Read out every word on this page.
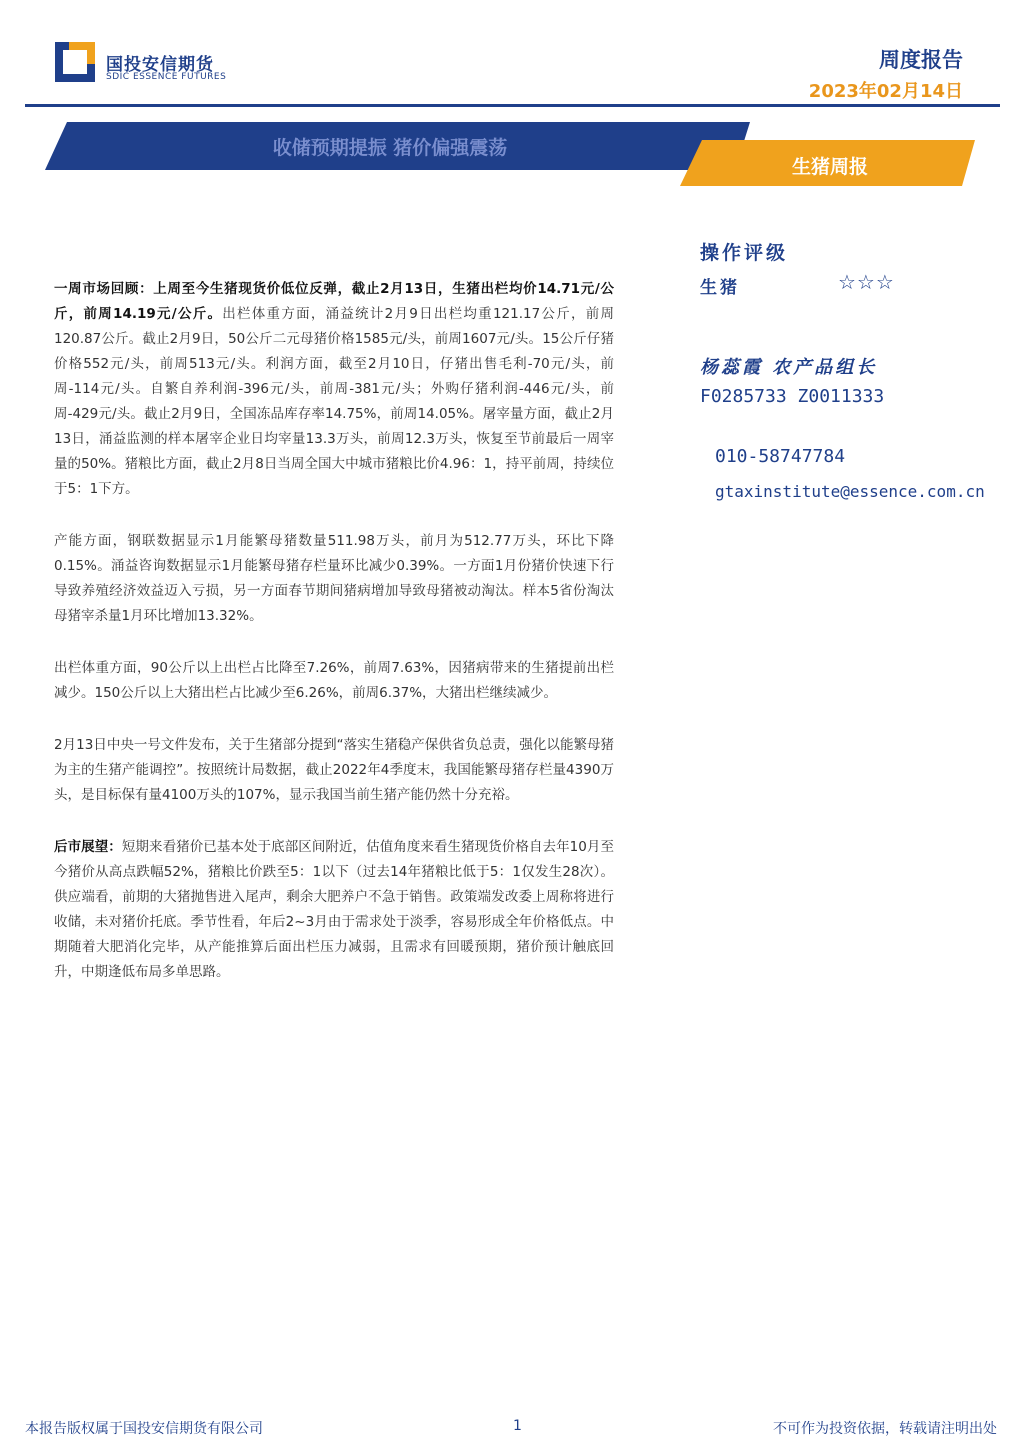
国投安信期货
SDIC ESSENCE FUTURES
周度报告
2023年02月14日
收储预期提振 猪价偏强震荡
生猪周报

一周市场回顾：上周至今生猪现货价低位反弹，截止2月13日，生猪出栏均价14.71元/公斤，前周14.19元/公斤。出栏体重方面，涌益统计2月9日出栏均重121.17公斤，前周120.87公斤。截止2月9日，50公斤二元母猪价格1585元/头，前周1607元/头。15公斤仔猪价格552元/头，前周513元/头。利润方面，截至2月10日，仔猪出售毛利-70元/头，前周-114元/头。自繁自养利润-396元/头，前周-381元/头；外购仔猪利润-446元/头，前周-429元/头。截止2月9日，全国冻品库存率14.75%，前周14.05%。屠宰量方面，截止2月13日，涌益监测的样本屠宰企业日均宰量13.3万头，前周12.3万头，恢复至节前最后一周宰量的50%。猪粮比方面，截止2月8日当周全国大中城市猪粮比价4.96：1，持平前周，持续位于5：1下方。

产能方面，钢联数据显示1月能繁母猪数量511.98万头，前月为512.77万头，环比下降0.15%。涌益咨询数据显示1月能繁母猪存栏量环比减少0.39%。一方面1月份猪价快速下行导致养殖经济效益迈入亏损，另一方面春节期间猪病增加导致母猪被动淘汰。样本5省份淘汰母猪宰杀量1月环比增加13.32%。

出栏体重方面，90公斤以上出栏占比降至7.26%，前周7.63%，因猪病带来的生猪提前出栏减少。150公斤以上大猪出栏占比减少至6.26%，前周6.37%，大猪出栏继续减少。

2月13日中央一号文件发布，关于生猪部分提到“落实生猪稳产保供省负总责，强化以能繁母猪为主的生猪产能调控”。按照统计局数据，截止2022年4季度末，我国能繁母猪存栏量4390万头，是目标保有量4100万头的107%，显示我国当前生猪产能仍然十分充裕。

后市展望：短期来看猪价已基本处于底部区间附近，估值角度来看生猪现货价格自去年10月至今猪价从高点跌幅52%，猪粮比价跌至5：1以下（过去14年猪粮比低于5：1仅发生28次）。供应端看，前期的大猪抛售进入尾声，剩余大肥养户不急于销售。政策端发改委上周称将进行收储，未对猪价托底。季节性看，年后2~3月由于需求处于淡季，容易形成全年价格低点。中期随着大肥消化完毕，从产能推算后面出栏压力减弱，且需求有回暖预期，猪价预计触底回升，中期逢低布局多单思路。

操作评级
生猪	☆☆☆
杨蕊霞 农产品组长
F0285733 Z0011333
010-58747784
gtaxinstitute@essence.com.cn
本报告版权属于国投安信期货有限公司	1	不可作为投资依据，转载请注明出处
